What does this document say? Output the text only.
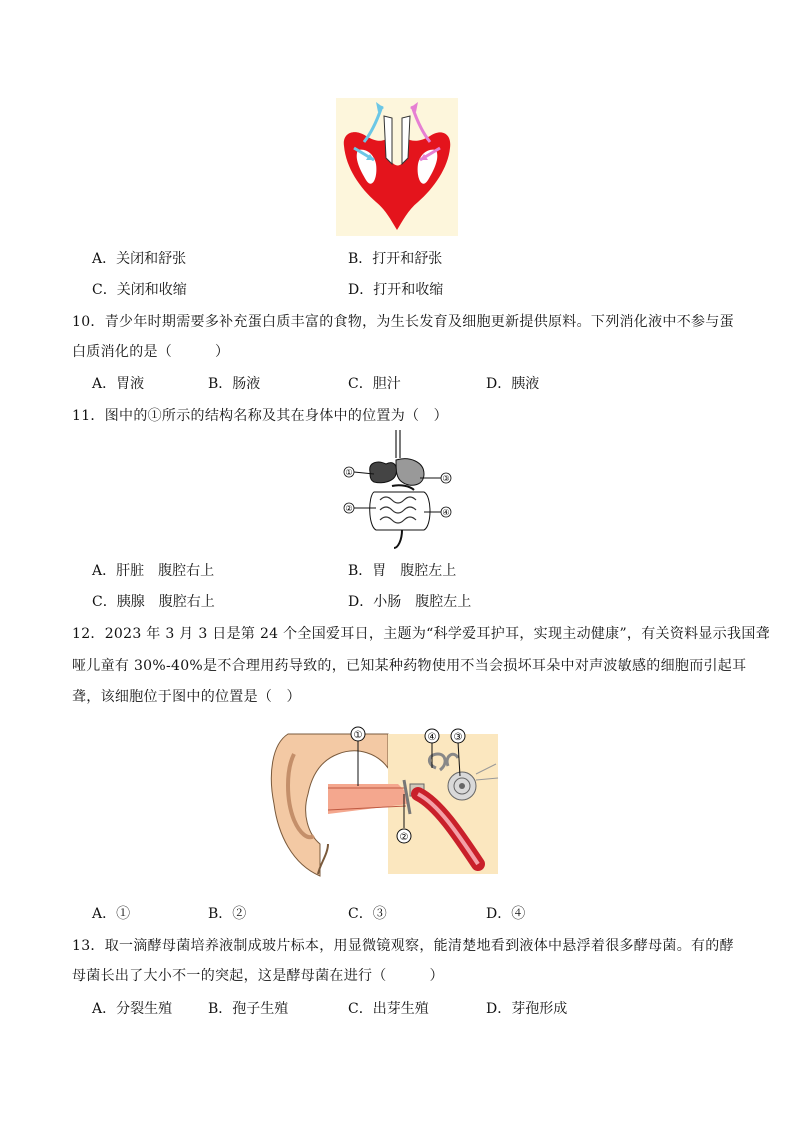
A．关闭和舒张	B．打开和舒张
C．关闭和收缩	D．打开和收缩
10．青少年时期需要多补充蛋白质丰富的食物，为生长发育及细胞更新提供原料。下列消化液中不参与蛋
白质消化的是（　　　）
A．胃液	B．肠液	C．胆汁	D．胰液
11．图中的①所示的结构名称及其在身体中的位置为（　）
①
③
②	④
A．肝脏　腹腔右上	B．胃　腹腔左上
C．胰腺　腹腔右上	D．小肠　腹腔左上
12．2023 年 3 月 3 日是第 24 个全国爱耳日，主题为“科学爱耳护耳，实现主动健康”，有关资料显示我国聋
哑儿童有 30%-40%是不合理用药导致的，已知某种药物使用不当会损坏耳朵中对声波敏感的细胞而引起耳
聋，该细胞位于图中的位置是（　）
①	④ ③
②
A．①	B．②	C．③	D．④
13．取一滴酵母菌培养液制成玻片标本，用显微镜观察，能清楚地看到液体中悬浮着很多酵母菌。有的酵
母菌长出了大小不一的突起，这是酵母菌在进行（　　　）
A．分裂生殖	B．孢子生殖	C．出芽生殖	D．芽孢形成
